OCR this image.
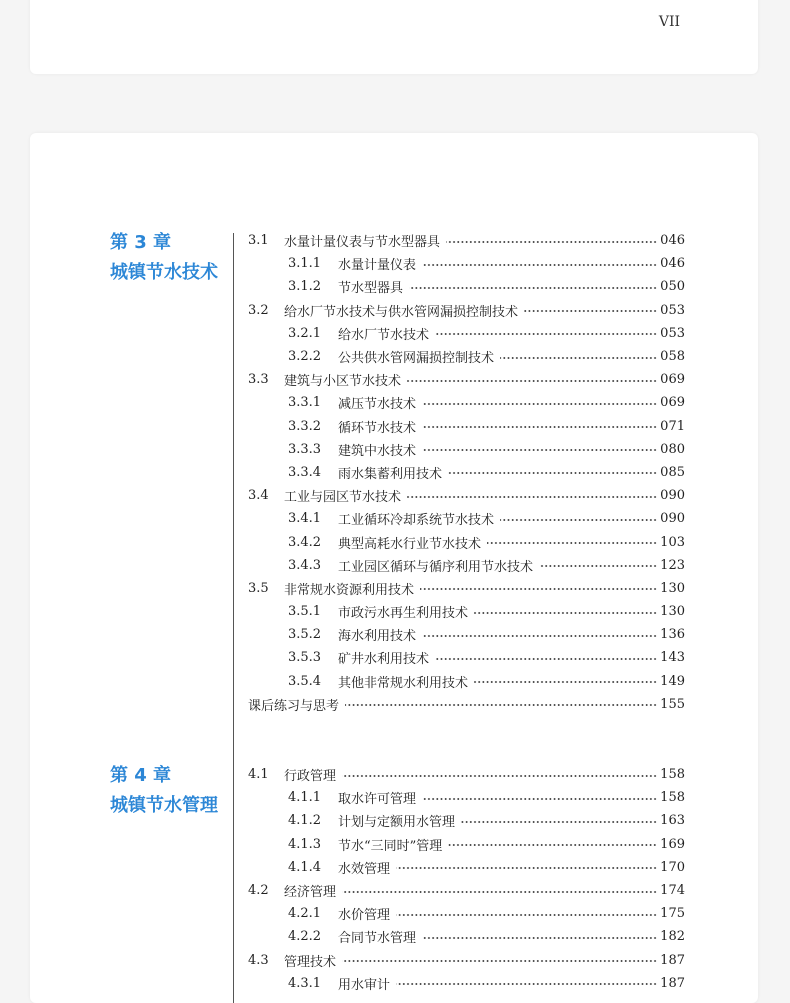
VII
第 3 章
城镇节水技术
3.1	水量计量仪表与节水型器具	046
3.1.1	水量计量仪表	046
3.1.2	节水型器具	050
3.2	给水厂节水技术与供水管网漏损控制技术	053
3.2.1	给水厂节水技术	053
3.2.2	公共供水管网漏损控制技术	058
3.3	建筑与小区节水技术	069
3.3.1	减压节水技术	069
3.3.2	循环节水技术	071
3.3.3	建筑中水技术	080
3.3.4	雨水集蓄利用技术	085
3.4	工业与园区节水技术	090
3.4.1	工业循环冷却系统节水技术	090
3.4.2	典型高耗水行业节水技术	103
3.4.3	工业园区循环与循序利用节水技术	123
3.5	非常规水资源利用技术	130
3.5.1	市政污水再生利用技术	130
3.5.2	海水利用技术	136
3.5.3	矿井水利用技术	143
3.5.4	其他非常规水利用技术	149
课后练习与思考	155
第 4 章
城镇节水管理
4.1	行政管理	158
4.1.1	取水许可管理	158
4.1.2	计划与定额用水管理	163
4.1.3	节水“三同时”管理	169
4.1.4	水效管理	170
4.2	经济管理	174
4.2.1	水价管理	175
4.2.2	合同节水管理	182
4.3	管理技术	187
4.3.1	用水审计	187
